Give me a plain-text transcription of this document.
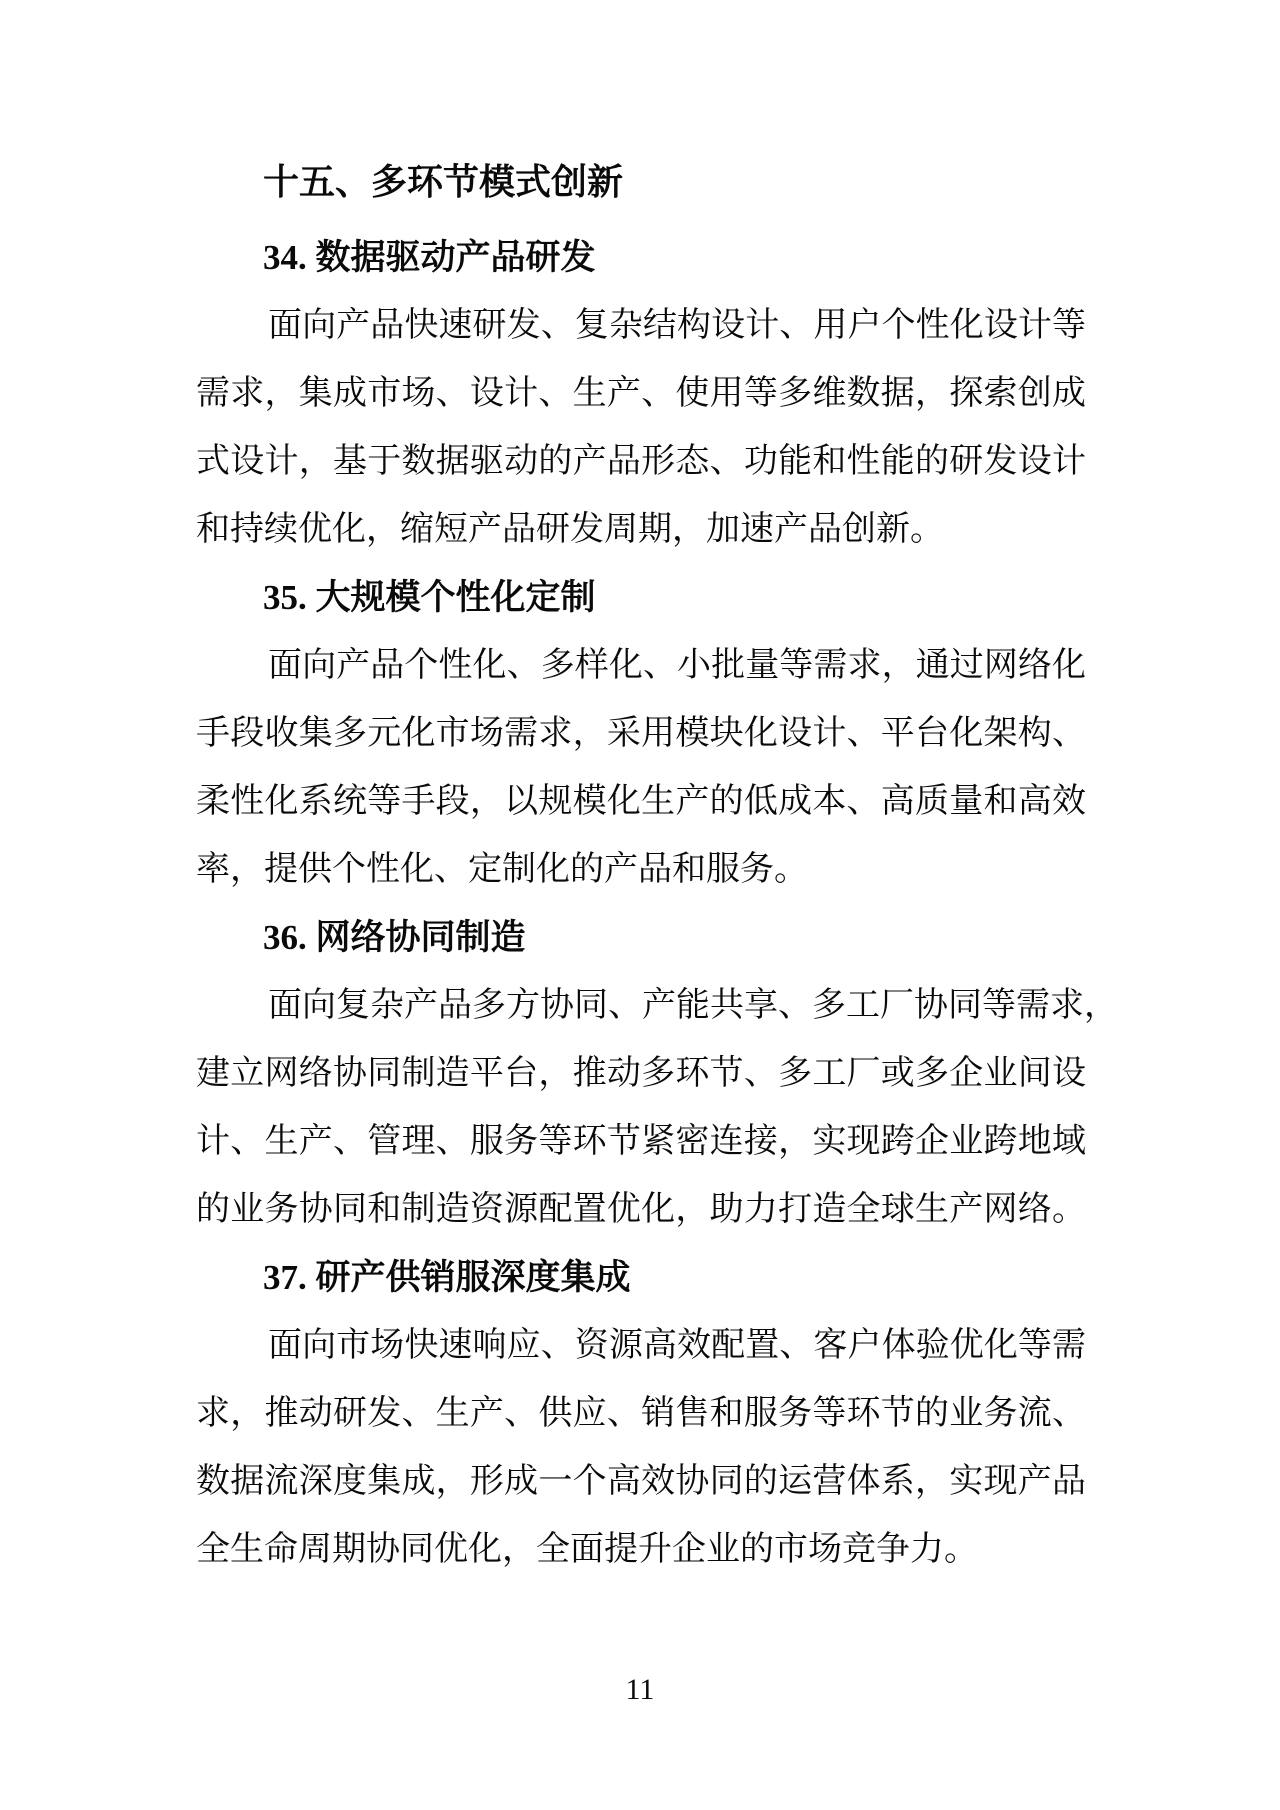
十五、多环节模式创新
34. 数据驱动产品研发
面向产品快速研发、复杂结构设计、用户个性化设计等
需求，集成市场、设计、生产、使用等多维数据，探索创成
式设计，基于数据驱动的产品形态、功能和性能的研发设计
和持续优化，缩短产品研发周期，加速产品创新。
35. 大规模个性化定制
面向产品个性化、多样化、小批量等需求，通过网络化
手段收集多元化市场需求，采用模块化设计、平台化架构、
柔性化系统等手段，以规模化生产的低成本、高质量和高效
率，提供个性化、定制化的产品和服务。
36. 网络协同制造
面向复杂产品多方协同、产能共享、多工厂协同等需求，
建立网络协同制造平台，推动多环节、多工厂或多企业间设
计、生产、管理、服务等环节紧密连接，实现跨企业跨地域
的业务协同和制造资源配置优化，助力打造全球生产网络。
37. 研产供销服深度集成
面向市场快速响应、资源高效配置、客户体验优化等需
求，推动研发、生产、供应、销售和服务等环节的业务流、
数据流深度集成，形成一个高效协同的运营体系，实现产品
全生命周期协同优化，全面提升企业的市场竞争力。
11
